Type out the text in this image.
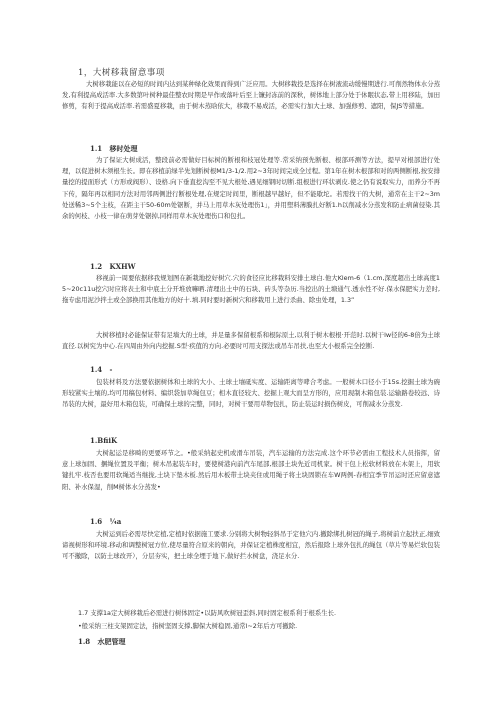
1，大树移栽留意事项
大树移栽能以在必短的时间内达到某种绿化效果而得到广泛应用。大树移栽投是选择在树液流动缓慢期进行.可削然物体水分蒸发,有利提高成活率.大多数第叶树种最佳整农时期是早作或落叶后至上镰封冻前的深秋，树体地上部分处于休眠状态,带上用移陆，加田修剪，有利于提高成活率.若需盛夏移栽，由于树木蒸晗依大，移栽不易成活，必需实行加大土球、加强修剪、遮阳，保JS等措施。
1.1 移时处理
为了保证大树成活，整段前必需做好目标树的断根和枝冠处理等.常采纳预先断根、根部环测等方法，提早对根部进行处理，以促进树木须根生长。即在移植前绿半先划断树根M1/3-1/2.用2~3年时间完成全过程。第1年在树木根部和对的两侧断根,按安排量挖的提面形式（方形或阀形）、设格.向下垂直挖沟至不见大根处,遇见细钢时切断.组根进行环状剥皮.使之仍有说取实力，而养分不再下传，隔年再以相同方法对用邻两侧进行断根处理,在规定时间里，断根越早越好，但不能歇坨。若需找干的大树，通常在主干2~3m处送稀3~5个主枝，在距主干50-60m处锯断，并马上用草木灰处理伤1」，并用塑料薄膜扎好断1.h以削减水分蒸发和防止病菌侵染.其余的何枝、小枝一律在萌芽处锯掉,同样用草木灰处理伤口和包扎。
1.2 KXHW
移视前一周要依据移我规划图在新栽地挖好树穴.穴的食径应比移栽料安排土球白.他大Klem-6（1.cm,深度超出土球高度15~20c11u挖穴时应将表土和中底土分开堆放嘛晒.清理出土中的石块、砖头等杂历.当挖出的土塘通气.透水性不好.保水保肥实力差时,拖专虑用泥沙拌土或全部换用其他地方的好十.填.同时要时新树穴和移栽用上进行杀曲、除虫处理，1.3”
大树移植时必能保证带有足墙大的土球，并足量多保留根系和根际原土,以利于树木根根·开范时.以树干lw径的6-8倍为土球直径.以树究为中心.在四周由外向内挖掘.S型·疾值的方向.必要时可用支探法或吊车吊扶,也至大小根系完全挖断.
1.4 -
包装材料及方法要依据树体和土球的大小、土球土壤砥实度、运输距离等哮合考虑。一般树木口径小于15s.挖掘土球为碗形较紧实土壤的,均可用稿包材料、编织袋加草绳包豆；相木直径较大、挖掘上观大而呈方形的，应用现制木箱包装.运输路卷较远、诗吊装的大树，最好用木箱包装，可确保土球的完整，同时，对树干要用草物包扎，防止装运时损伤树皮，可削减水分蒸发.
1.BfiiK
大树起运是移畸的更要环节之。•般采纳起史机或滑车吊装，汽车运输的方法完成.这个环节必需由工程技术人员指挥，留意上球加固、捆绳位置及平衡；树木吊起装车时，要使树港向前汽车尾部,根部土块先近司机家。树干包上松软材料放在木架上，用软键扎牢.枝否也要用软绳适当继拢,土块下垫木板.然后用木板带土块夹住或用绳子将土块固锁在车W两例-春相宜季节吊运时还应留意遮阳、补水保湿，削M树体水分蒸发•
1.6 ¼a
大树运到后必需尽快定植,定植时依据施工要求.分别将大树物轻斜吊于定他穴内.撤除绑扎树冠的绳子,将树前立起扶正,细致谛视树形和环境.移动和调整树冠方位,使尽量符合原来的朝向，并保证定植株度相宜，然后报除上球外包扎的绳包（草片等易烂软包装可不撤除，以防土球改开），分层夯实，把土球全埋于地下,做好拦水树盘，浇足水分.
1.7 支撑1a定大树移栽后必需进行树体固定•以防风吹树冠歪斜,同时固定根系利于根系生长.
•般采纳三柱支架固定法，指树坚固支撑,脚保大树稳固,通常l~2年后方可撤除.
1.8 水肥管理
